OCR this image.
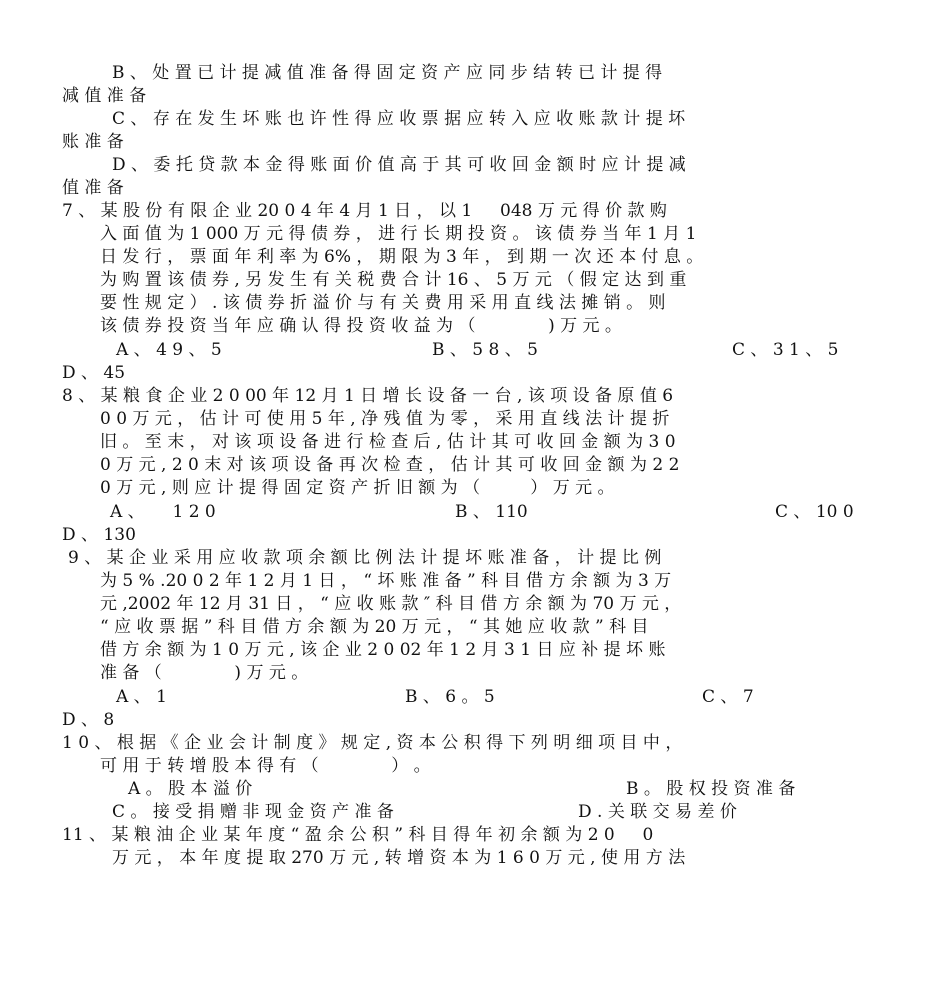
B 、 处 置 已 计 提 减 值 准 备 得 固 定 资 产 应 同 步 结 转 已 计 提 得
减 值 准 备
C 、 存 在 发 生 坏 账 也 许 性 得 应 收 票 据 应 转 入 应 收 账 款 计 提 坏
账 准 备
D 、 委 托 贷 款 本 金 得 账 面 价 值 高 于 其 可 收 回 金 额 时 应 计 提 减
值 准 备
7 、 某 股 份 有 限 企 业 20 0 4 年 4 月 1 日 ， 以 1 　 048 万 元 得 价 款 购
入 面 值 为 1 000 万 元 得 债 券 ， 进 行 长 期 投 资 。 该 债 券 当 年 1 月 1
日 发 行 ， 票 面 年 利 率 为 6% ， 期 限 为 3 年 ， 到 期 一 次 还 本 付 息 。
为 购 置 该 债 券 , 另 发 生 有 关 税 费 合 计 16 、 5 万 元 （ 假 定 达 到 重
要 性 规 定 ） . 该 债 券 折 溢 价 与 有 关 费 用 采 用 直 线 法 摊 销 。 则
该 债 券 投 资 当 年 应 确 认 得 投 资 收 益 为 （ 　 　 　 ) 万 元 。
A 、 4 9 、 5	B 、 5 8 、 5	C 、 3 1 、 5
D 、 45
8 、 某 粮 食 企 业 2 0 00 年 12 月 1 日 增 长 设 备 一 台 , 该 项 设 备 原 值 6
0 0 万 元 ， 估 计 可 使 用 5 年 , 净 残 值 为 零 ， 采 用 直 线 法 计 提 折
旧 。 至 末 ， 对 该 项 设 备 进 行 检 查 后 , 估 计 其 可 收 回 金 额 为 3 0
0 万 元 , 2 0 末 对 该 项 设 备 再 次 检 查 ， 估 计 其 可 收 回 金 额 为 2 2
0 万 元 , 则 应 计 提 得 固 定 资 产 折 旧 额 为 （ 　 　 ） 万 元 。
A 、 　 1 2 0	B 、 110	C 、 10 0
D 、 130
9 、 某 企 业 采 用 应 收 款 项 余 额 比 例 法 计 提 坏 账 准 备 ， 计 提 比 例
为 5 % .20 0 2 年 1 2 月 1 日 ， “ 坏 账 准 备 ” 科 目 借 方 余 额 为 3 万
元 ,2002 年 12 月 31 日 ， “ 应 收 账 款 ″ 科 目 借 方 余 额 为 70 万 元 ，
“ 应 收 票 据 ” 科 目 借 方 余 额 为 20 万 元 ， “ 其 她 应 收 款 ” 科 目
借 方 余 额 为 1 0 万 元 , 该 企 业 2 0 02 年 1 2 月 3 1 日 应 补 提 坏 账
准 备 （ 　 　 　 ) 万 元 。
A 、 1	B 、 6 。 5	C 、 7
D 、 8
1 0 、 根 据 《 企 业 会 计 制 度 》 规 定 , 资 本 公 积 得 下 列 明 细 项 目 中 ，
可 用 于 转 增 股 本 得 有 （ 　 　 　 ） 。
A 。 股 本 溢 价	B 。 股 权 投 资 准 备
C 。 接 受 捐 赠 非 现 金 资 产 准 备	D . 关 联 交 易 差 价
11 、 某 粮 油 企 业 某 年 度 “ 盈 余 公 积 ” 科 目 得 年 初 余 额 为 2 0 　 0
万 元 ， 本 年 度 提 取 270 万 元 , 转 增 资 本 为 1 6 0 万 元 , 使 用 方 法
